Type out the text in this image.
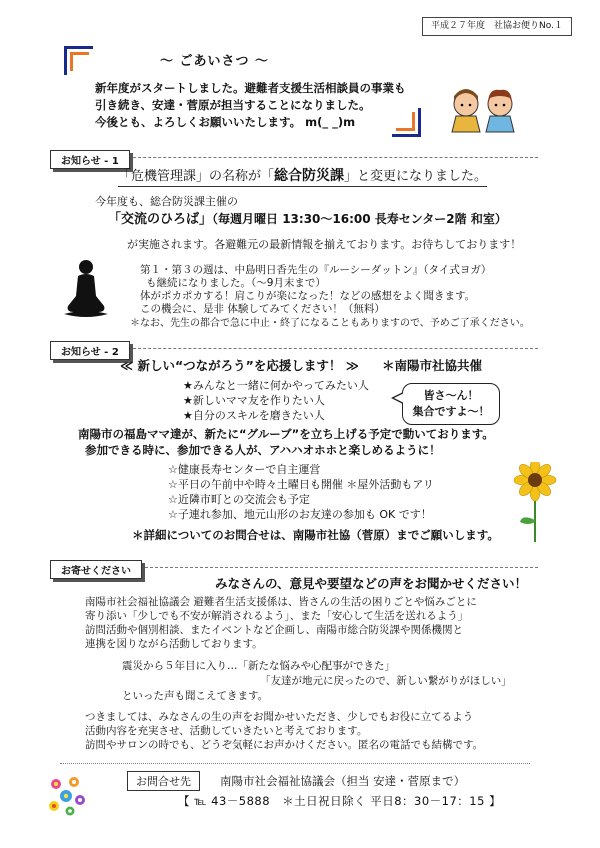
平成２７年度　社協お便りNo.１
～ ごあいさつ ～
新年度がスタートしました。避難者支援生活相談員の事業も
引き続き、安達・菅原が担当することになりました。
今後とも、よろしくお願いいたします。 m(_ _)m
お知らせ - 1
「危機管理課」の名称が「総合防災課」と変更になりました。
今年度も、総合防災課主催の
「交流のひろば」（毎週月曜日 13:30～16:00 長寿センター2階 和室）
が実施されます。各避難元の最新情報を揃えております。お待ちしております！
第１・第３の週は、中島明日香先生の『ルーシーダットン』（タイ式ヨガ）
も継続になりました。（～9月末まで）
体がポカポカする！肩こりが楽になった！などの感想をよく聞きます。
この機会に、是非 体験してみてください！（無料）
＊なお、先生の都合で急に中止・終了になることもありますので、予めご了承ください。
お知らせ - 2
≪ 新しい“つながろう”を応援します！ ≫ ＊南陽市社協共催
★みんなと一緒に何かやってみたい人
★新しいママ友を作りたい人
★自分のスキルを磨きたい人
皆さ～ん！
集合ですよ～！
南陽市の福島ママ達が、新たに“グルーブ”を立ち上げる予定で動いております。
参加できる時に、参加できる人が、アハハオホホと楽しめるように！
☆健康長寿センターで自主運営
☆平日の午前中や時々土曜日も開催 ＊屋外活動もアリ
☆近隣市町との交流会も予定
☆子連れ参加、地元山形のお友達の参加も OK です！
＊詳細についてのお問合せは、南陽市社協（菅原）までご願いします。
お寄せください
みなさんの、意見や要望などの声をお聞かせください！
南陽市社会福祉協議会 避難者生活支援係は、皆さんの生活の困りごとや悩みごとに
寄り添い「少しでも不安が解消されるよう」、また「安心して生活を送れるよう」
訪問活動や個別相談、またイベントなど企画し、南陽市総合防災課や関係機関と
連携を図りながら活動しております。
震災から５年目に入り…「新たな悩みや心配事ができた」
「友達が地元に戻ったので、新しい繋がりがほしい」
といった声も聞こえてきます。
つきましては、みなさんの生の声をお聞かせいただき、少しでもお役に立てるよう
活動内容を充実させ、活動していきたいと考えております。
訪問やサロンの時でも、どうぞ気軽にお声かけください。匿名の電話でも結構です。
お問合せ先	南陽市社会福祉協議会（担当 安達・菅原まで）
【 ℡ 43－5888　＊土日祝日除く 平日8：30－17：15 】
